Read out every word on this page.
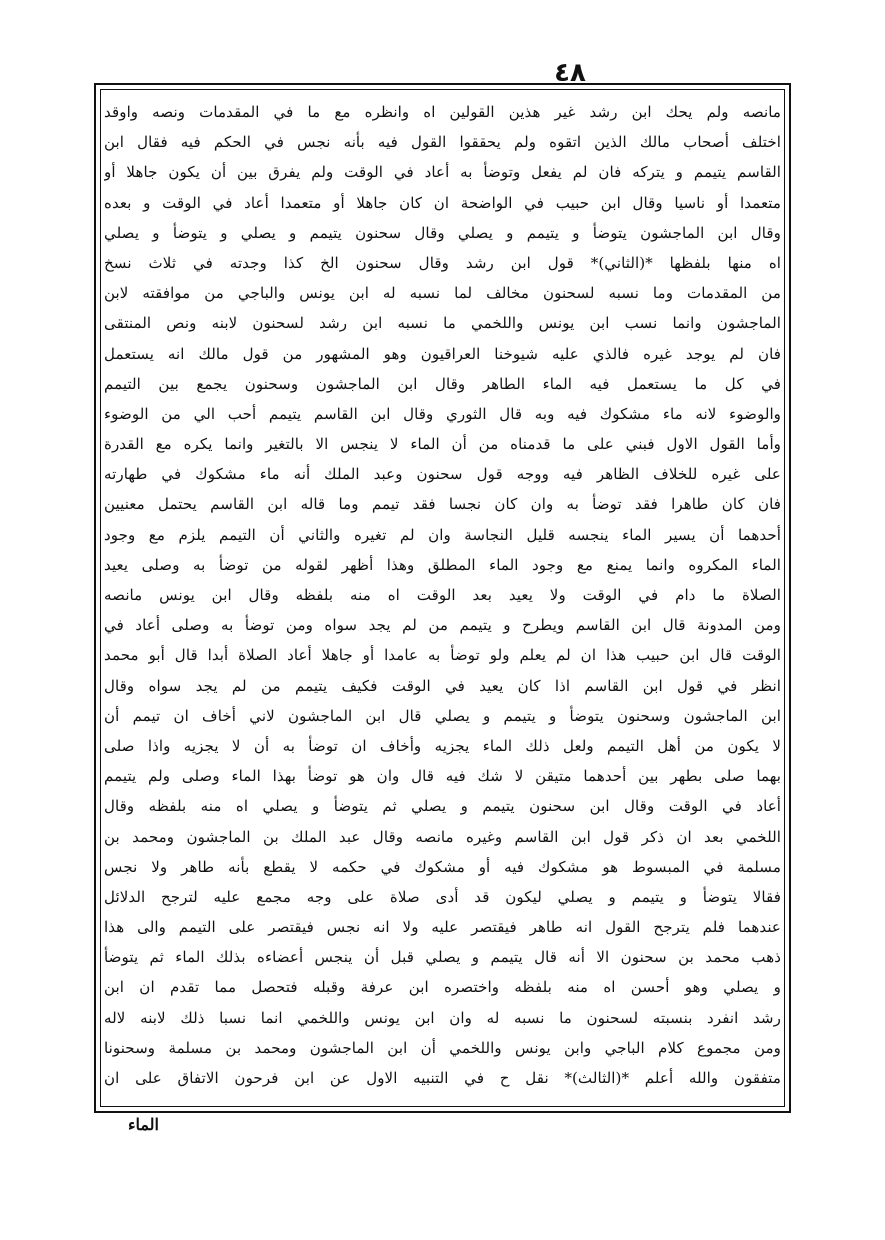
٤٨
مانصه ولم يحك ابن رشد غير هذين القولين اه وانظره مع ما في المقدمات ونصه واوقد
اختلف أصحاب مالك الذين اتقوه ولم يحققوا القول فيه بأنه نجس في الحكم فيه فقال ابن
القاسم يتيمم و يتركه فان لم يفعل وتوضأ به أعاد في الوقت ولم يفرق بين أن يكون جاهلا أو
متعمدا أو ناسيا وقال ابن حبيب في الواضحة ان كان جاهلا أو متعمدا أعاد في الوقت و بعده
وقال ابن الماجشون يتوضأ و يتيمم و يصلي وقال سحنون يتيمم و يصلي و يتوضأ و يصلي
اه منها بلفظها *(الثاني)* قول ابن رشد وقال سحنون الخ كذا وجدته في ثلاث نسخ
من المقدمات وما نسبه لسحنون مخالف لما نسبه له ابن يونس والباجي من موافقته لابن
الماجشون وانما نسب ابن يونس واللخمي ما نسبه ابن رشد لسحنون لابنه ونص المنتقى
فان لم يوجد غيره فالذي عليه شيوخنا العراقيون وهو المشهور من قول مالك انه يستعمل
في كل ما يستعمل فيه الماء الطاهر وقال ابن الماجشون وسحنون يجمع بين التيمم
والوضوء لانه ماء مشكوك فيه وبه قال الثوري وقال ابن القاسم يتيمم أحب الي من الوضوء
وأما القول الاول فبني على ما قدمناه من أن الماء لا ينجس الا بالتغير وانما يكره مع القدرة
على غيره للخلاف الظاهر فيه ووجه قول سحنون وعبد الملك أنه ماء مشكوك في طهارته
فان كان طاهرا فقد توضأ به وان كان نجسا فقد تيمم وما قاله ابن القاسم يحتمل معنيين
أحدهما أن يسير الماء ينجسه قليل النجاسة وان لم تغيره والثاني أن التيمم يلزم مع وجود
الماء المكروه وانما يمنع مع وجود الماء المطلق وهذا أظهر لقوله من توضأ به وصلى يعيد
الصلاة ما دام في الوقت ولا يعيد بعد الوقت اه منه بلفظه وقال ابن يونس مانصه
ومن المدونة قال ابن القاسم ويطرح و يتيمم من لم يجد سواه ومن توضأ به وصلى أعاد في
الوقت قال ابن حبيب هذا ان لم يعلم ولو توضأ به عامدا أو جاهلا أعاد الصلاة أبدا قال أبو محمد
انظر في قول ابن القاسم اذا كان يعيد في الوقت فكيف يتيمم من لم يجد سواه وقال
ابن الماجشون وسحنون يتوضأ و يتيمم و يصلي قال ابن الماجشون لاني أخاف ان تيمم أن
لا يكون من أهل التيمم ولعل ذلك الماء يجزيه وأخاف ان توضأ به أن لا يجزيه واذا صلى
بهما صلى بطهر بين أحدهما متيقن لا شك فيه قال وان هو توضأ بهذا الماء وصلى ولم يتيمم
أعاد في الوقت وقال ابن سحنون يتيمم و يصلي ثم يتوضأ و يصلي اه منه بلفظه وقال
اللخمي بعد ان ذكر قول ابن القاسم وغيره مانصه وقال عبد الملك بن الماجشون ومحمد بن
مسلمة في المبسوط هو مشكوك فيه أو مشكوك في حكمه لا يقطع بأنه طاهر ولا نجس
فقالا يتوضأ و يتيمم و يصلي ليكون قد أدى صلاة على وجه مجمع عليه لترجح الدلائل
عندهما فلم يترجح القول انه طاهر فيقتصر عليه ولا انه نجس فيقتصر على التيمم والى هذا
ذهب محمد بن سحنون الا أنه قال يتيمم و يصلي قبل أن ينجس أعضاءه بذلك الماء ثم يتوضأ
و يصلي وهو أحسن اه منه بلفظه واختصره ابن عرفة وقبله فتحصل مما تقدم ان ابن
رشد انفرد بنسبته لسحنون ما نسبه له وان ابن يونس واللخمي انما نسبا ذلك لابنه لاله
ومن مجموع كلام الباجي وابن يونس واللخمي أن ابن الماجشون ومحمد بن مسلمة وسحنونا
متفقون والله أعلم *(الثالث)* نقل ح في التنبيه الاول عن ابن فرحون الاتفاق على ان
الماء
